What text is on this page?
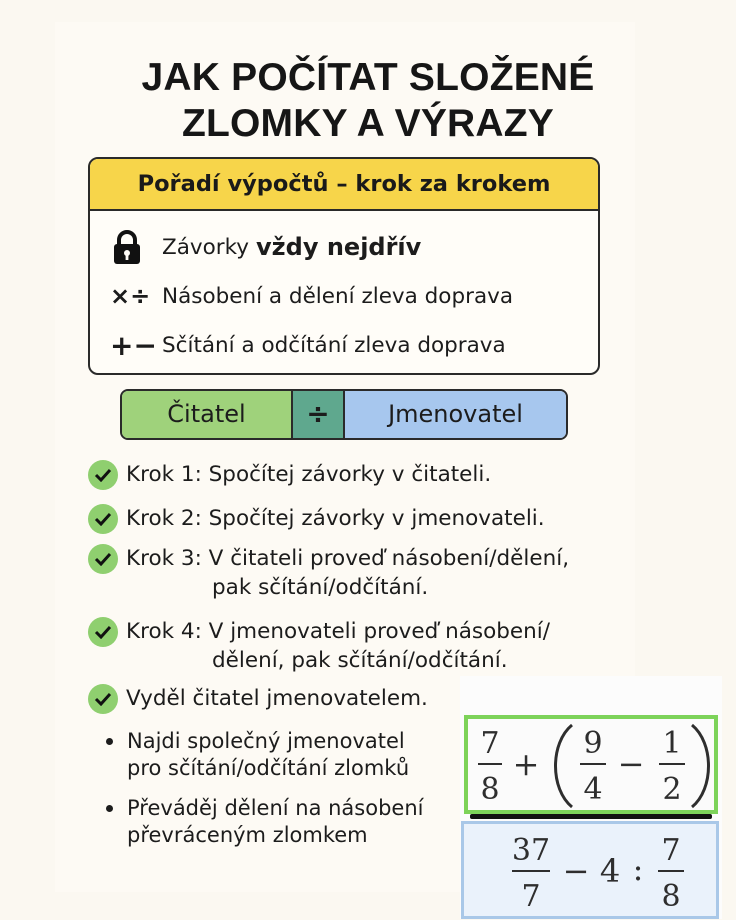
JAK POČÍTAT SLOŽENÉ
ZLOMKY A VÝRAZY
Pořadí výpočtů – krok za krokem
Závorky vždy nejdřív
×÷ Násobení a dělení zleva doprava
+− Sčítání a odčítání zleva doprava
Čitatel	÷	Jmenovatel
Krok 1: Spočítej závorky v čitateli.
Krok 2: Spočítej závorky v jmenovateli.
Krok 3: V čitateli proveď násobení/dělení,
pak sčítání/odčítání.
Krok 4: V jmenovateli proveď násobení/
dělení, pak sčítání/odčítání.
Vyděl čitatel jmenovatelem.
Najdi společný jmenovatel
pro sčítání/odčítání zlomků
Převáděj dělení na násobení
převráceným zlomkem
7
8
+
9
4
−
1
2
37
7
− 4 : 7
8
